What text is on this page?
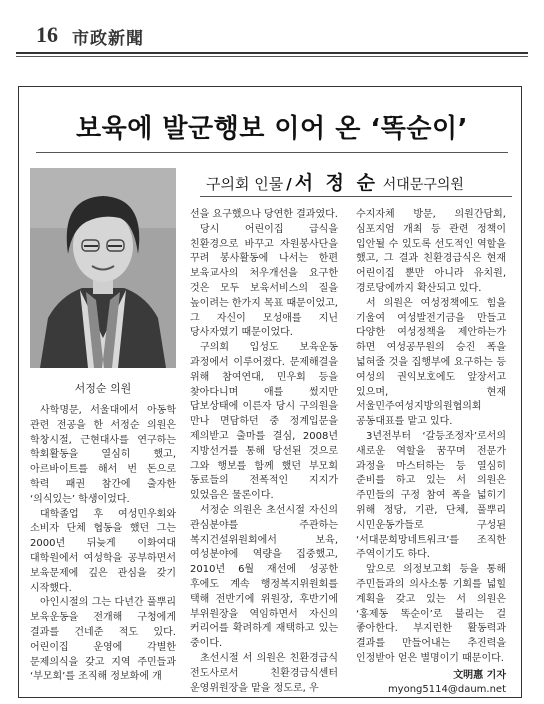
16 市政新聞
보육에 발군행보 이어 온 ‘똑순이’
서정순 의원
구의회 인물 / 서 정 순 서대문구의원

사학명문, 서울대에서 아동학 관련 전공을 한 서정순 의원은 학창시절, 근현대사를 연구하는 학회활동을 열심히 했고, 아르바이트를 해서 번 돈으로 학력 패권 참간에 출자한 ‘의식있는’ 학생이었다.

대학졸업 후 여성민우회와 소비자 단체 협동을 했던 그는 2000년 뒤늦게 이화여대 대학원에서 여성학을 공부하면서 보육문제에 깊은 관심을 갖기 시작했다.

아인시절의 그는 다년간 풀뿌리 보육운동을 전개해 구청에게 결과를 건네준 적도 있다. 어린이집 운영에 각별한 문제의식을 갖고 지역 주민들과 ‘부모회’를 조직해 정보화에 개

선을 요구했으나 당연한 결과였다.

당시 어린이집 급식을 친환경으로 바꾸고 자원봉사단을 꾸려 봉사활동에 나서는 한편 보육교사의 처우개선을 요구한 것은 모두 보육서비스의 질을 높이려는 한가지 목표 때문이었고, 그 자신이 모성애를 지닌 당사자였기 때문이었다.

구의회 입성도 보육운동 과정에서 이루어졌다. 문제해결을 위해 참여연대, 민우회 등을 찾아다니며 애를 썼지만 답보상태에 이른자 당시 구의원을 만나 면담하던 중 정계입문을 제의받고 출마를 결심, 2008년 지방선거를 통해 당선된 것으로 그와 행보를 함께 했던 부모회 동료들의 전폭적인 지지가 있었음은 물론이다.

서정순 의원은 초선시절 자신의 관심분야를 주관하는 복지건설위원회에서 보육, 여성분야에 역량을 집중했고, 2010년 6월 재선에 성공한 후에도 계속 행정복지위원회를 택해 전반기에 위원장, 후반기에 부위원장을 역임하면서 자신의 커리어를 확려하게 재택하고 있는 중이다.

초선시절 서 의원은 친환경급식 전도사로서 친환경급식센터 운영위원장을 맡을 정도로, 우

수지자체 방문, 의원간담회, 심포지엄 개최 등 관련 정책이 입안될 수 있도록 선도적인 역할을 했고, 그 결과 친환경급식은 현재 어린이집 뿐만 아니라 유치원, 경로당에까지 확산되고 있다.

서 의원은 여성정책에도 힘을 기울여 여성발전기금을 만들고 다양한 여성정책을 제안하는가 하면 여성공무원의 승진 폭을 넓혀줄 것을 집행부에 요구하는 등 여성의 권익보호에도 앞장서고 있으며, 현재 서울민주여성지방의원협의회 공동대표를 맡고 있다.

3년전부터 ‘갈등조정자’로서의 새로운 역할을 꿈꾸며 전문가 과정을 마스터하는 등 열심히 준비를 하고 있는 서 의원은 주민들의 구정 참여 폭을 넓히기 위해 정당, 기관, 단체, 풀뿌리 시민운동가들로 구성된 ‘서대문희망네트워크’를 조직한 주역이기도 하다.

앞으로 의정보고회 등을 통해 주민들과의 의사소통 기회를 넓힐 계획을 갖고 있는 서 의원은 ‘홍제동 똑순이’로 불리는 걸 좋아한다. 부지런한 활동력과 결과를 만들어내는 추진력을 인정받아 얻은 별명이기 때문이다.

文明惠 기자 myong5114@daum.net
